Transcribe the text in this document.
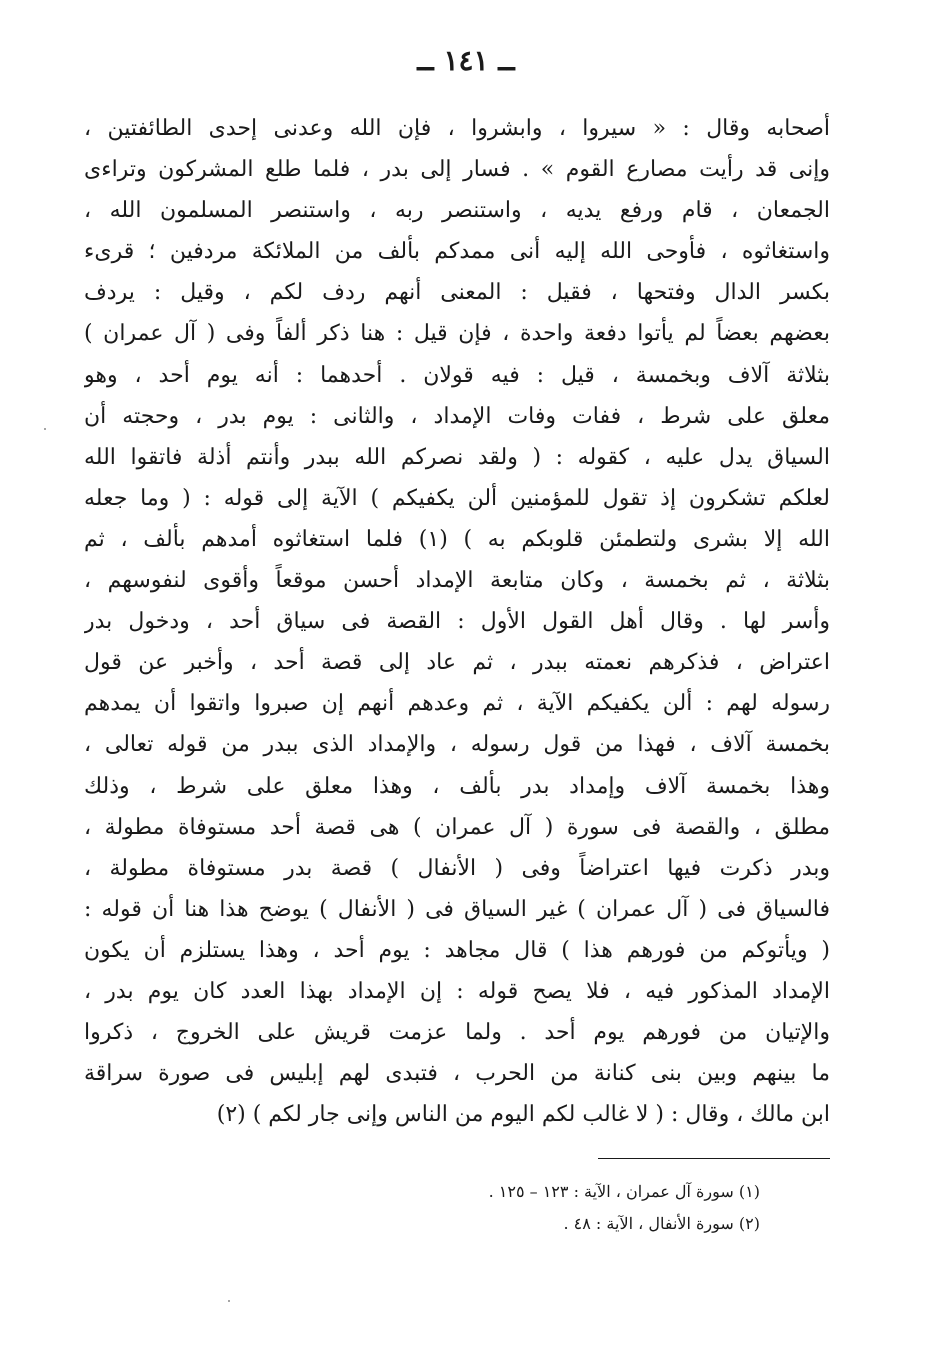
ــ ١٤١ ــ
أصحابه وقال : « سيروا ، وابشروا ، فإن الله وعدنى إحدى الطائفتين ،
وإنى قد رأيت مصارع القوم » . فسار إلى بدر ، فلما طلع المشركون وتراءى
الجمعان ، قام ورفع يديه ، واستنصر ربه ، واستنصر المسلمون الله ،
واستغاثوه ، فأوحى الله إليه أنى ممدكم بألف من الملائكة مردفين ؛ قرىء
بكسر الدال وفتحها ، فقيل : المعنى أنهم ردف لكم ، وقيل : يردف
بعضهم بعضاً لم يأتوا دفعة واحدة ، فإن قيل : هنا ذكر ألفاً وفى ( آل عمران )
بثلاثة آلاف وبخمسة ، قيل : فيه قولان . أحدهما : أنه يوم أحد ، وهو
معلق على شرط ، ففات وفات الإمداد ، والثانى : يوم بدر ، وحجته أن
السياق يدل عليه ، كقوله : ( ولقد نصركم الله ببدر وأنتم أذلة فاتقوا الله
لعلكم تشكرون إذ تقول للمؤمنين ألن يكفيكم ) الآية إلى قوله : ( وما جعله
الله إلا بشرى ولتطمئن قلوبكم به ) (١) فلما استغاثوه أمدهم بألف ، ثم
بثلاثة ، ثم بخمسة ، وكان متابعة الإمداد أحسن موقعاً وأقوى لنفوسهم ،
وأسر لها . وقال أهل القول الأول : القصة فى سياق أحد ، ودخول بدر
اعتراض ، فذكرهم نعمته ببدر ، ثم عاد إلى قصة أحد ، وأخبر عن قول
رسوله لهم : ألن يكفيكم الآية ، ثم وعدهم أنهم إن صبروا واتقوا أن يمدهم
بخمسة آلاف ، فهذا من قول رسوله ، والإمداد الذى ببدر من قوله تعالى ،
وهذا بخمسة آلاف وإمداد بدر بألف ، وهذا معلق على شرط ، وذلك
مطلق ، والقصة فى سورة ( آل عمران ) هى قصة أحد مستوفاة مطولة ،
وبدر ذكرت فيها اعتراضاً وفى ( الأنفال ) قصة بدر مستوفاة مطولة ،
فالسياق فى ( آل عمران ) غير السياق فى ( الأنفال ) يوضح هذا هنا أن قوله :
( ويأتوكم من فورهم هذا ) قال مجاهد : يوم أحد ، وهذا يستلزم أن يكون
الإمداد المذكور فيه ، فلا يصح قوله : إن الإمداد بهذا العدد كان يوم بدر ،
والإتيان من فورهم يوم أحد . ولما عزمت قريش على الخروج ، ذكروا
ما بينهم وبين بنى كنانة من الحرب ، فتبدى لهم إبليس فى صورة سراقة
ابن مالك ، وقال : ( لا غالب لكم اليوم من الناس وإنى جار لكم ) (٢)
(١) سورة آل عمران ، الآية : ١٢٣ – ١٢٥ .
(٢) سورة الأنفال ، الآية : ٤٨ .
